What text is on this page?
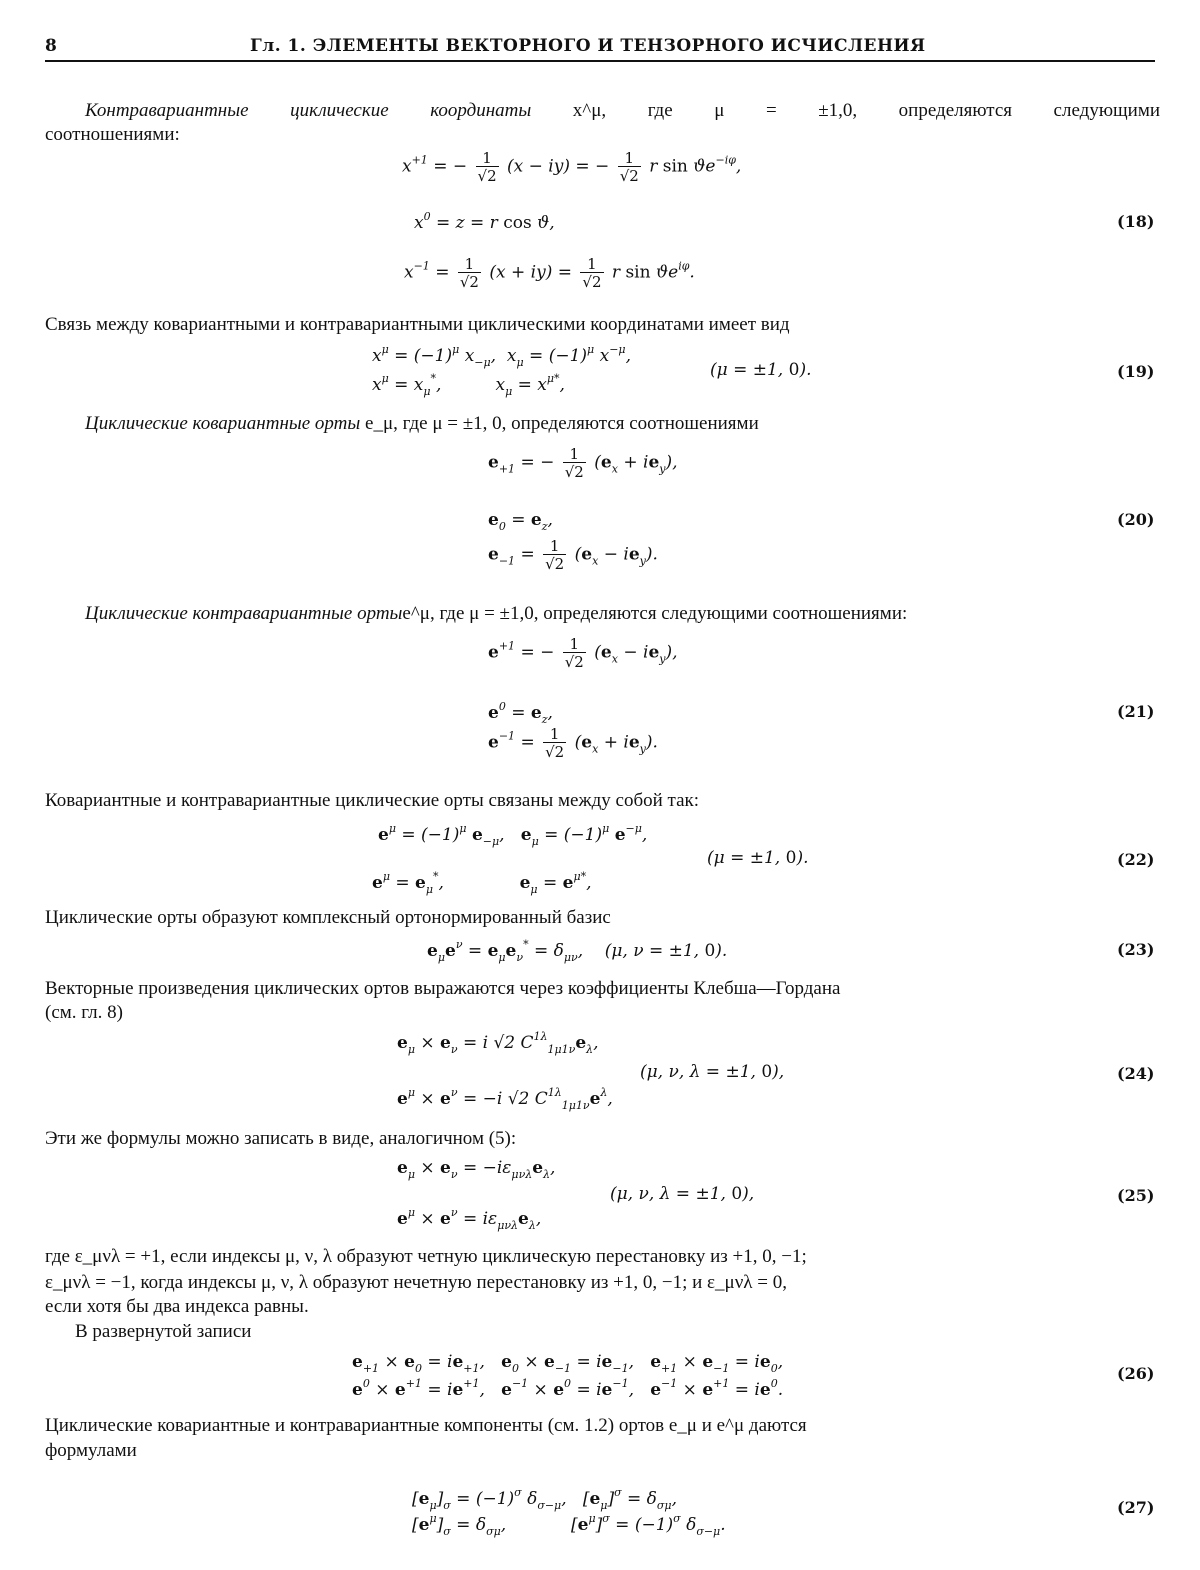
8	Гл. 1. ЭЛЕМЕНТЫ ВЕКТОРНОГО И ТЕНЗОРНОГО ИСЧИСЛЕНИЯ
Контравариантные циклические координаты x^μ, где μ = ±1,0, определяются следующими
соотношениями:
$x^{+1}$ = − $\frac{1}{√2} (x - iy)$ = − $\frac{1}{√2}$ r $\sin ϑe^{-i\varphi}$,
$x^0 = z = r$ cos ϑ,
$x^{-1} = \frac{1}{√2} (x + iy) = \frac{1}{√2}$ r $\sin ϑe^{i\varphi}$.
(18)
Связь между ковариантными и контравариантными циклическими координатами имеет вид
$x^\mu = (-1)^\mu$ $x_{-\mu}$,  $x_\mu = (-1)^\mu$ $x^{-\mu}$,
$x^\mu = x_\mu^*$,          $x_\mu = x^{\mu*}$,
(μ = ±1, 0).	(19)
Циклические ковариантные орты e_μ, где μ = ±1, 0, определяются соотношениями
$e_{+1}$ = − $\frac{1}{√2} (e_x + ie_y)$,
$e_0 = e_z$,
$e_{-1} = \frac{1}{√2} (e_x - ie_y)$.
(20)
Циклические контравариантные ортыe^μ, где μ = ±1,0, определяются следующими соотношениями:
$e^{+1}$ = − $\frac{1}{√2} (e_x - ie_y)$,
$e^0 = e_z$,
$e^{-1} = \frac{1}{√2} (e_x + ie_y)$.
(21)
Ковариантные и контравариантные циклические орты связаны между собой так:
$e^\mu = (-1)^\mu$ $e_{-\mu}$,   $e_\mu = (-1)^\mu$ $e^{-\mu}$,
$e^\mu = e_\mu^*$,              $e_\mu = e^{\mu*}$,
(μ = ±1, 0).	(22)
Циклические орты образуют комплексный ортонормированный базис
$e_\mu e^\nu = e_\mu e_\nu^* = \delta_{\mu\nu}$,    (μ, ν = ±1, 0).	(23)
Векторные произведения циклических ортов выражаются через коэффициенты Клебша—Гордана
(см. гл. 8)
$e_\mu \times e_\nu = i$ √2 $C^{1\lambda}_{1\mu 1\nu}e_\lambda$,
$e^\mu \times e^\nu = -i$ √2 $C^{1\lambda}_{1\mu 1\nu}e^\lambda$,
(μ, ν, λ = ±1, 0),	(24)
Эти же формулы можно записать в виде, аналогичном (5):
$e_\mu \times e_\nu = -i\varepsilon_{\mu\nu\lambda}e_\lambda$,
$e^\mu \times e^\nu = i\varepsilon_{\mu\nu\lambda}e_\lambda$,
(μ, ν, λ = ±1, 0),	(25)
где ε_μνλ = +1, если индексы μ, ν, λ образуют четную циклическую перестановку из +1, 0, −1;
ε_μνλ = −1, когда индексы μ, ν, λ образуют нечетную перестановку из +1, 0, −1; и ε_μνλ = 0,
если хотя бы два индекса равны.
В развернутой записи
$e_{+1} \times e_0 = ie_{+1}$,   $e_0 \times e_{-1} = ie_{-1}$,   $e_{+1} \times e_{-1} = ie_0$,
$e^0 \times e^{+1} = ie^{+1}$,   $e^{-1} \times e^0 = ie^{-1}$,   $e^{-1} \times e^{+1} = ie^0$.
(26)
Циклические ковариантные и контравариантные компоненты (см. 1.2) ортов e_μ и e^μ даются
формулами
$[e_\mu]_\sigma = (-1)^\sigma$ $\delta_{\sigma-\mu}$,   $[e_\mu]^\sigma = \delta_{\sigma\mu}$,
$[e^\mu]_\sigma = \delta_{\sigma\mu}$,            $[e^\mu]^\sigma = (-1)^\sigma$ $\delta_{\sigma-\mu}$.
(27)
